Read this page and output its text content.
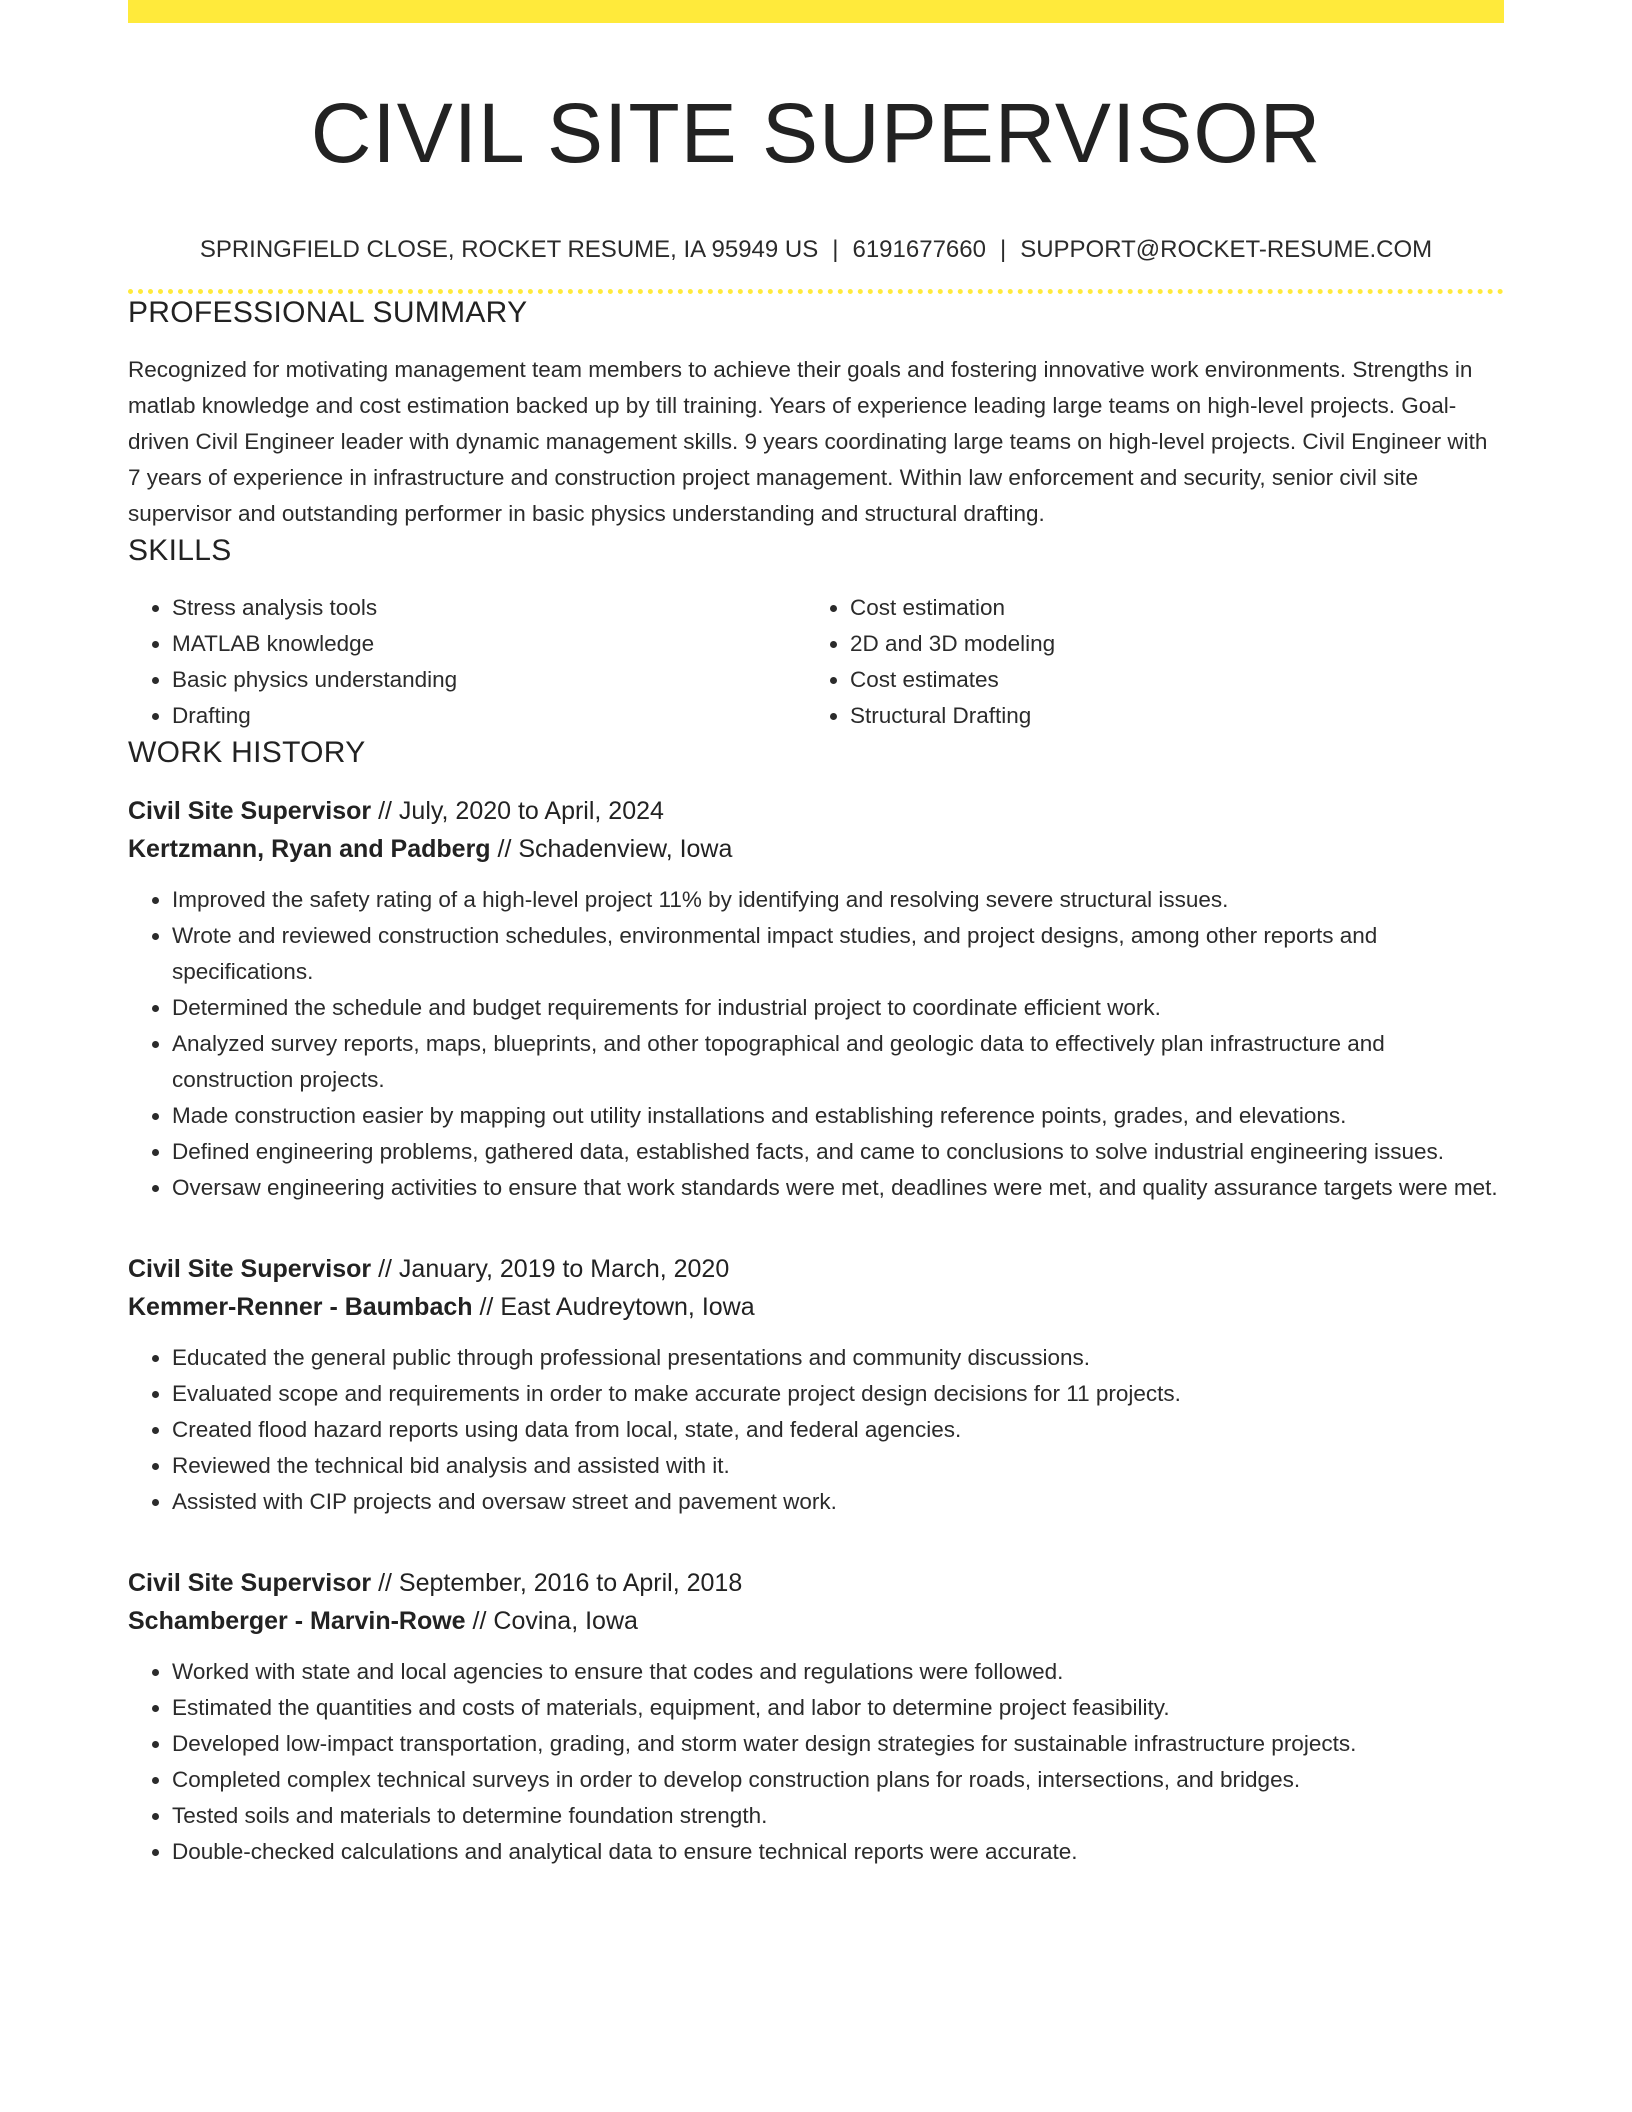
CIVIL SITE SUPERVISOR
SPRINGFIELD CLOSE, ROCKET RESUME, IA 95949 US | 6191677660 | SUPPORT@ROCKET-RESUME.COM
PROFESSIONAL SUMMARY

Recognized for motivating management team members to achieve their goals and fostering innovative work environments. Strengths in matlab knowledge and cost estimation backed up by till training. Years of experience leading large teams on high-level projects. Goal-driven Civil Engineer leader with dynamic management skills. 9 years coordinating large teams on high-level projects. Civil Engineer with 7 years of experience in infrastructure and construction project management. Within law enforcement and security, senior civil site supervisor and outstanding performer in basic physics understanding and structural drafting.

SKILLS
• Stress analysis tools
• MATLAB knowledge
• Basic physics understanding
• Drafting
• Cost estimation
• 2D and 3D modeling
• Cost estimates
• Structural Drafting
WORK HISTORY
Civil Site Supervisor // July, 2020 to April, 2024
Kertzmann, Ryan and Padberg // Schadenview, Iowa
• Improved the safety rating of a high-level project 11% by identifying and resolving severe structural issues.
• Wrote and reviewed construction schedules, environmental impact studies, and project designs, among other reports and specifications.
• Determined the schedule and budget requirements for industrial project to coordinate efficient work.
• Analyzed survey reports, maps, blueprints, and other topographical and geologic data to effectively plan infrastructure and construction projects.
• Made construction easier by mapping out utility installations and establishing reference points, grades, and elevations.
• Defined engineering problems, gathered data, established facts, and came to conclusions to solve industrial engineering issues.
• Oversaw engineering activities to ensure that work standards were met, deadlines were met, and quality assurance targets were met.
Civil Site Supervisor // January, 2019 to March, 2020
Kemmer-Renner - Baumbach // East Audreytown, Iowa
• Educated the general public through professional presentations and community discussions.
• Evaluated scope and requirements in order to make accurate project design decisions for 11 projects.
• Created flood hazard reports using data from local, state, and federal agencies.
• Reviewed the technical bid analysis and assisted with it.
• Assisted with CIP projects and oversaw street and pavement work.
Civil Site Supervisor // September, 2016 to April, 2018
Schamberger - Marvin-Rowe // Covina, Iowa
• Worked with state and local agencies to ensure that codes and regulations were followed.
• Estimated the quantities and costs of materials, equipment, and labor to determine project feasibility.
• Developed low-impact transportation, grading, and storm water design strategies for sustainable infrastructure projects.
• Completed complex technical surveys in order to develop construction plans for roads, intersections, and bridges.
• Tested soils and materials to determine foundation strength.
• Double-checked calculations and analytical data to ensure technical reports were accurate.
